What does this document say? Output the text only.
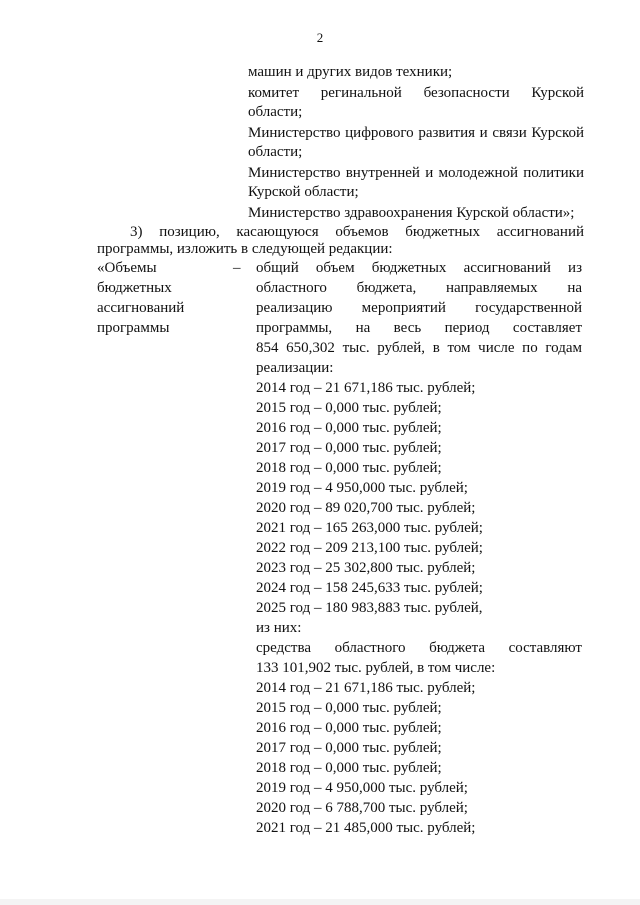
2
машин и других видов техники;
комитет регинальной безопасности Курской
области;
Министерство цифрового развития и связи Курской
области;
Министерство внутренней и молодежной политики
Курской области;
Министерство здравоохранения Курской области»;
3) позицию, касающуюся объемов бюджетных ассигнований
программы, изложить в следующей редакции:
«Объемы
бюджетных
ассигнований
программы
– общий объем бюджетных ассигнований из
областного бюджета, направляемых на
реализацию мероприятий государственной
программы, на весь период составляет
854 650,302 тыс. рублей, в том числе по годам
реализации:
2014 год – 21 671,186 тыс. рублей;
2015 год – 0,000 тыс. рублей;
2016 год – 0,000 тыс. рублей;
2017 год – 0,000 тыс. рублей;
2018 год – 0,000 тыс. рублей;
2019 год – 4 950,000 тыс. рублей;
2020 год – 89 020,700 тыс. рублей;
2021 год – 165 263,000 тыс. рублей;
2022 год – 209 213,100 тыс. рублей;
2023 год – 25 302,800 тыс. рублей;
2024 год – 158 245,633 тыс. рублей;
2025 год – 180 983,883 тыс. рублей,
из них:
средства областного бюджета составляют
133 101,902 тыс. рублей, в том числе:
2014 год – 21 671,186 тыс. рублей;
2015 год – 0,000 тыс. рублей;
2016 год – 0,000 тыс. рублей;
2017 год – 0,000 тыс. рублей;
2018 год – 0,000 тыс. рублей;
2019 год – 4 950,000 тыс. рублей;
2020 год – 6 788,700 тыс. рублей;
2021 год – 21 485,000 тыс. рублей;
